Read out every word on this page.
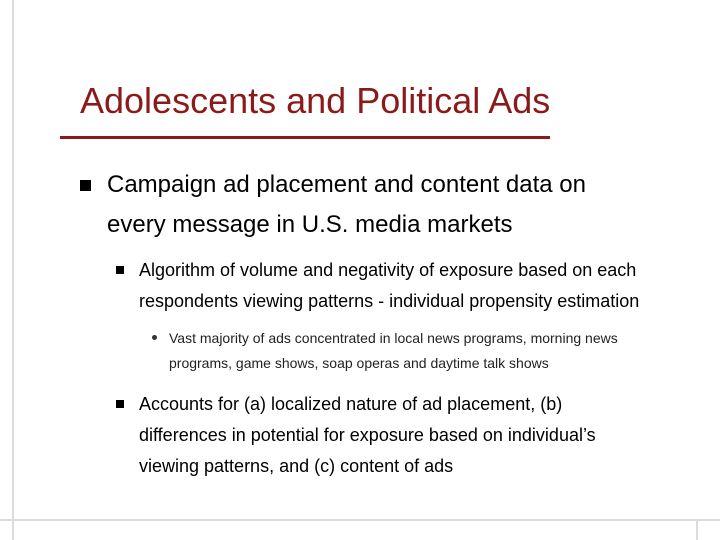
Adolescents and Political Ads
Campaign ad placement and content data on
every message in U.S. media markets
Algorithm of volume and negativity of exposure based on each
respondents viewing patterns - individual propensity estimation
Vast majority of ads concentrated in local news programs, morning news
programs, game shows, soap operas and daytime talk shows
Accounts for (a) localized nature of ad placement, (b)
differences in potential for exposure based on individual’s
viewing patterns, and (c) content of ads
